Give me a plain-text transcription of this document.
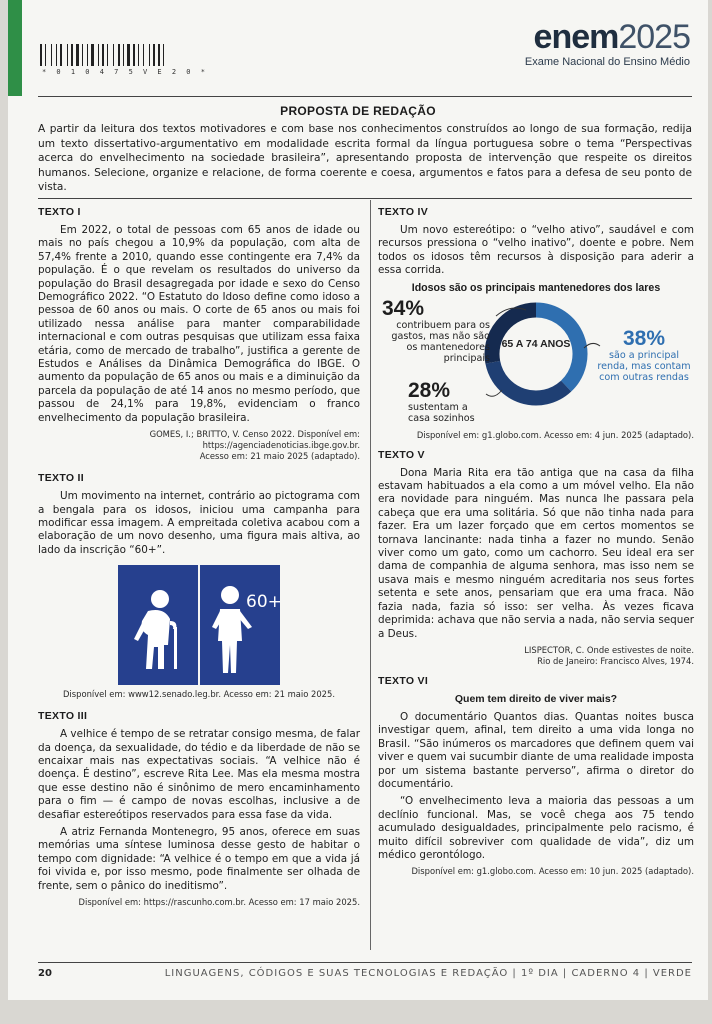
* 0 1 0 4 7 5 V E 2 0 *
enem2025
Exame Nacional do Ensino Médio
PROPOSTA DE REDAÇÃO
A partir da leitura dos textos motivadores e com base nos conhecimentos construídos ao longo de sua formação, redija um texto dissertativo-argumentativo em modalidade escrita formal da língua portuguesa sobre o tema “Perspectivas acerca do envelhecimento na sociedade brasileira”, apresentando proposta de intervenção que respeite os direitos humanos. Selecione, organize e relacione, de forma coerente e coesa, argumentos e fatos para a defesa de seu ponto de vista.
TEXTO I

Em 2022, o total de pessoas com 65 anos de idade ou mais no país chegou a 10,9% da população, com alta de 57,4% frente a 2010, quando esse contingente era 7,4% da população. É o que revelam os resultados do universo da população do Brasil desagregada por idade e sexo do Censo Demográfico 2022. “O Estatuto do Idoso define como idoso a pessoa de 60 anos ou mais. O corte de 65 anos ou mais foi utilizado nessa análise para manter comparabilidade internacional e com outras pesquisas que utilizam essa faixa etária, como de mercado de trabalho”, justifica a gerente de Estudos e Análises da Dinâmica Demográfica do IBGE. O aumento da população de 65 anos ou mais e a diminuição da parcela da população de até 14 anos no mesmo período, que passou de 24,1% para 19,8%, evidenciam o franco envelhecimento da população brasileira.

GOMES, I.; BRITTO, V. Censo 2022. Disponível em:
https://agenciadenoticias.ibge.gov.br.
Acesso em: 21 maio 2025 (adaptado).
TEXTO II

Um movimento na internet, contrário ao pictograma com a bengala para os idosos, iniciou uma campanha para modificar essa imagem. A empreitada coletiva acabou com a elaboração de um novo desenho, uma figura mais altiva, ao lado da inscrição “60+”.

60+
Disponível em: www12.senado.leg.br. Acesso em: 21 maio 2025.
TEXTO III

A velhice é tempo de se retratar consigo mesma, de falar da doença, da sexualidade, do tédio e da liberdade de não se encaixar mais nas expectativas sociais. “A velhice não é doença. É destino”, escreve Rita Lee. Mas ela mesma mostra que esse destino não é sinônimo de mero encaminhamento para o fim — é campo de novas escolhas, inclusive a de desafiar estereótipos reservados para essa fase da vida.

A atriz Fernanda Montenegro, 95 anos, oferece em suas memórias uma síntese luminosa desse gesto de habitar o tempo com dignidade: “A velhice é o tempo em que a vida já foi vivida e, por isso mesmo, pode finalmente ser olhada de frente, sem o pânico do ineditismo”.

Disponível em: https://rascunho.com.br. Acesso em: 17 maio 2025.
TEXTO IV

Um novo estereótipo: o “velho ativo”, saudável e com recursos pressiona o “velho inativo”, doente e pobre. Nem todos os idosos têm recursos à disposição para aderir a essa corrida.

Idosos são os principais mantenedores dos lares
65 A 74 ANOS
34%
contribuem para os gastos, mas não são os mantenedores principais
38%
são a principal renda, mas contam com outras rendas
28%
sustentam a casa sozinhos
Disponível em: g1.globo.com. Acesso em: 4 jun. 2025 (adaptado).
TEXTO V

Dona Maria Rita era tão antiga que na casa da filha estavam habituados a ela como a um móvel velho. Ela não era novidade para ninguém. Mas nunca lhe passara pela cabeça que era uma solitária. Só que não tinha nada para fazer. Era um lazer forçado que em certos momentos se tornava lancinante: nada tinha a fazer no mundo. Senão viver como um gato, como um cachorro. Seu ideal era ser dama de companhia de alguma senhora, mas isso nem se usava mais e mesmo ninguém acreditaria nos seus fortes setenta e sete anos, pensariam que era uma fraca. Não fazia nada, fazia só isso: ser velha. Às vezes ficava deprimida: achava que não servia a nada, não servia sequer a Deus.

LISPECTOR, C. Onde estivestes de noite.
Rio de Janeiro: Francisco Alves, 1974.
TEXTO VI
Quem tem direito de viver mais?

O documentário Quantos dias. Quantas noites busca investigar quem, afinal, tem direito a uma vida longa no Brasil. “São inúmeros os marcadores que definem quem vai viver e quem vai sucumbir diante de uma realidade imposta por um sistema bastante perverso”, afirma o diretor do documentário.

“O envelhecimento leva a maioria das pessoas a um declínio funcional. Mas, se você chega aos 75 tendo acumulado desigualdades, principalmente pelo racismo, é muito difícil sobreviver com qualidade de vida”, diz um médico gerontólogo.

Disponível em: g1.globo.com. Acesso em: 10 jun. 2025 (adaptado).
20	LINGUAGENS, CÓDIGOS E SUAS TECNOLOGIAS E REDAÇÃO | 1º DIA | CADERNO 4 | VERDE
